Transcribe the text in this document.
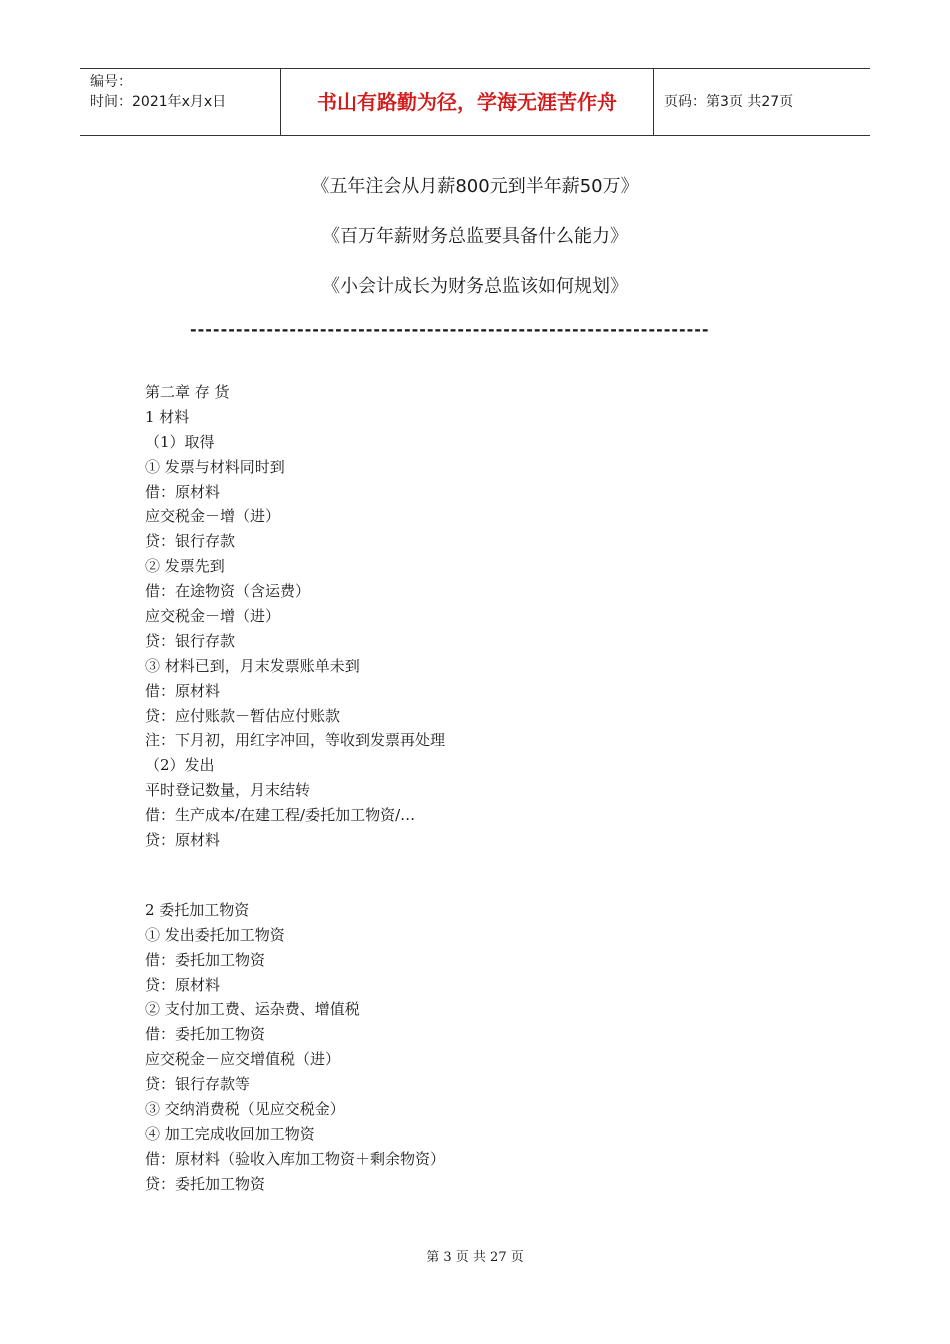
编号：
时间：2021年x月x日	书山有路勤为径，学海无涯苦作舟	页码：第3页 共27页
《五年注会从月薪800元到半年薪50万》
《百万年薪财务总监要具备什么能力》
《小会计成长为财务总监该如何规划》
--------------------------------------------------------------------
第二章 存 货
1 材料
（1）取得
① 发票与材料同时到
借：原材料
应交税金－增（进）
贷：银行存款
② 发票先到
借：在途物资（含运费）
应交税金－增（进）
贷：银行存款
③ 材料已到，月末发票账单未到
借：原材料
贷：应付账款－暂估应付账款
注：下月初，用红字冲回，等收到发票再处理
（2）发出
平时登记数量，月末结转
借：生产成本/在建工程/委托加工物资/…
贷：原材料
2 委托加工物资
① 发出委托加工物资
借：委托加工物资
贷：原材料
② 支付加工费、运杂费、增值税
借：委托加工物资
应交税金－应交增值税（进）
贷：银行存款等
③ 交纳消费税（见应交税金）
④ 加工完成收回加工物资
借：原材料（验收入库加工物资＋剩余物资）
贷：委托加工物资
第 3 页 共 27 页
